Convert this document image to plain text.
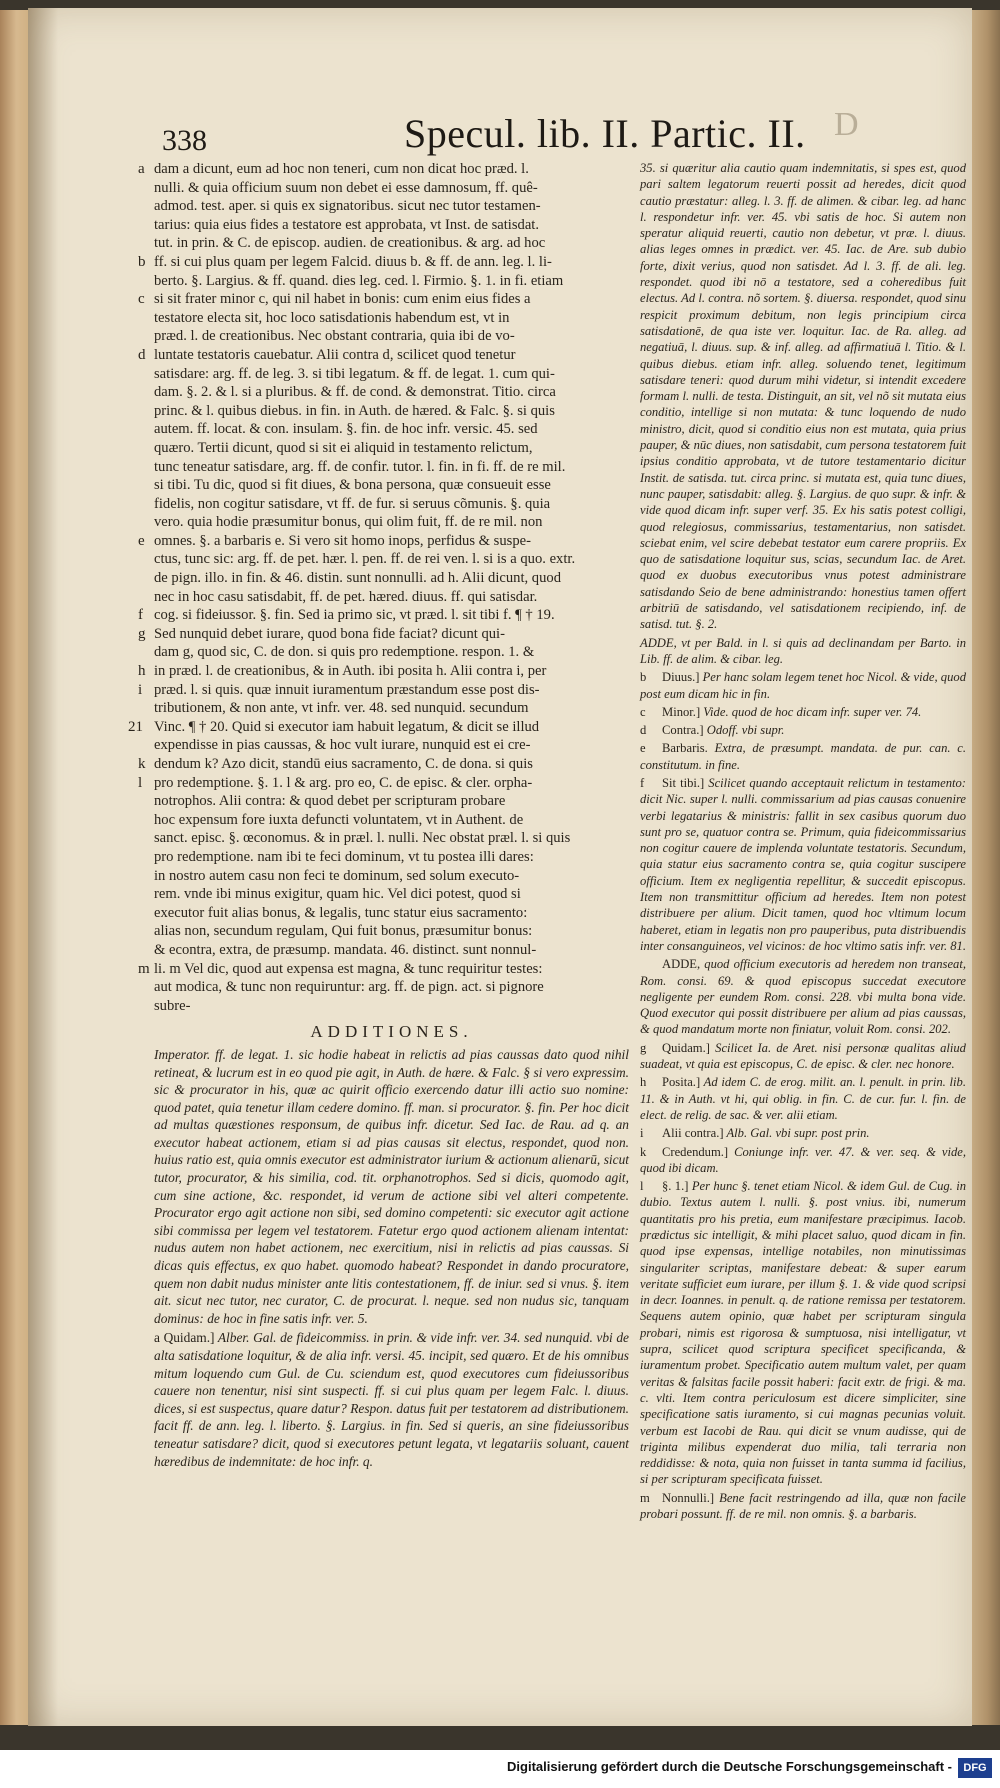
338	Specul. lib. II. Partic. II. D
dam a dicunt, eum ad hoc non teneri, cum non dicat hoc præd. l.
nulli. & quia officium suum non debet ei esse damnosum, ff. quê-
admod. test. aper. si quis ex signatoribus. sicut nec tutor testamen-
tarius: quia eius fides a testatore est approbata, vt Inst. de satisdat.
tut. in prin. & C. de episcop. audien. de creationibus. & arg. ad hoc
ff. si cui plus quam per legem Falcid. diuus b. & ff. de ann. leg. l. li-
berto. §. Largius. & ff. quand. dies leg. ced. l. Firmio. §. 1. in fi. etiam
si sit frater minor c, qui nil habet in bonis: cum enim eius fides a
testatore electa sit, hoc loco satisdationis habendum est, vt in
præd. l. de creationibus. Nec obstant contraria, quia ibi de vo-
luntate testatoris cauebatur. Alii contra d, scilicet quod tenetur
satisdare: arg. ff. de leg. 3. si tibi legatum. & ff. de legat. 1. cum qui-
dam. §. 2. & l. si a pluribus. & ff. de cond. & demonstrat. Titio. circa
princ. & l. quibus diebus. in fin. in Auth. de hæred. & Falc. §. si quis
autem. ff. locat. & con. insulam. §. fin. de hoc infr. versic. 45. sed
quæro. Tertii dicunt, quod si sit ei aliquid in testamento relictum,
tunc teneatur satisdare, arg. ff. de confir. tutor. l. fin. in fi. ff. de re mil.
si tibi. Tu dic, quod si fit diues, & bona persona, quæ consueuit esse
fidelis, non cogitur satisdare, vt ff. de fur. si seruus cõmunis. §. quia
vero. quia hodie præsumitur bonus, qui olim fuit, ff. de re mil. non
omnes. §. a barbaris e. Si vero sit homo inops, perfidus & suspe-
ctus, tunc sic: arg. ff. de pet. hær. l. pen. ff. de rei ven. l. si is a quo. extr.
de pign. illo. in fin. & 46. distin. sunt nonnulli. ad h. Alii dicunt, quod
nec in hoc casu satisdabit, ff. de pet. hæred. diuus. ff. qui satisdar.
cog. si fideiussor. §. fin. Sed ia primo sic, vt præd. l. sit tibi f. ¶ † 19.
Sed nunquid debet iurare, quod bona fide faciat? dicunt qui-
dam g, quod sic, C. de don. si quis pro redemptione. respon. 1. &
in præd. l. de creationibus, & in Auth. ibi posita h. Alii contra i, per
præd. l. si quis. quæ innuit iuramentum præstandum esse post dis-
tributionem, & non ante, vt infr. ver. 48. sed nunquid. secundum
Vinc. ¶ † 20. Quid si executor iam habuit legatum, & dicit se illud
expendisse in pias caussas, & hoc vult iurare, nunquid est ei cre-
dendum k? Azo dicit, standū eius sacramento, C. de dona. si quis
pro redemptione. §. 1. l & arg. pro eo, C. de episc. & cler. orpha-
notrophos. Alii contra: & quod debet per scripturam probare
hoc expensum fore iuxta defuncti voluntatem, vt in Authent. de
sanct. episc. §. œconomus. & in præl. l. nulli. Nec obstat præl. l. si quis
pro redemptione. nam ibi te feci dominum, vt tu postea illi dares:
in nostro autem casu non feci te dominum, sed solum executo-
rem. vnde ibi minus exigitur, quam hic. Vel dici potest, quod si
executor fuit alias bonus, & legalis, tunc statur eius sacramento:
alias non, secundum regulam, Qui fuit bonus, præsumitur bonus:
& econtra, extra, de præsump. mandata. 46. distinct. sunt nonnul-
li. m Vel dic, quod aut expensa est magna, & tunc requiritur testes:
aut modica, & tunc non requiruntur: arg. ff. de pign. act. si pignore
subre-
ADDITIONES.
Imperator. ff. de legat. 1. sic hodie habeat in relictis ad pias caussas dato quod nihil retineat, & lucrum est in eo quod pie agit, in Auth. de hære. & Falc. § si vero expressim. sic & procurator in his, quæ ac quirit officio exercendo datur illi actio suo nomine: quod patet, quia tenetur illam cedere domino. ff. man. si procurator. §. fin. Per hoc dicit ad multas quæstiones responsum, de quibus infr. dicetur. Sed Iac. de Rau. ad q. an executor habeat actionem, etiam si ad pias causas sit electus, respondet, quod non. huius ratio est, quia omnis executor est administrator iurium & actionum alienarū, sicut tutor, procurator, & his similia, cod. tit. orphanotrophos. Sed si dicis, quomodo agit, cum sine actione, &c. respondet, id verum de actione sibi vel alteri competente. Procurator ergo agit actione non sibi, sed domino competenti: sic executor agit actione sibi commissa per legem vel testatorem. Fatetur ergo quod actionem alienam intentat: nudus autem non habet actionem, nec exercitium, nisi in relictis ad pias caussas. Si dicas quis effectus, ex quo habet. quomodo habeat? Respondet in dando procuratore, quem non dabit nudus minister ante litis contestationem, ff. de iniur. sed si vnus. §. item ait. sicut nec tutor, nec curator, C. de procurat. l. neque. sed non nudus sic, tanquam dominus: de hoc in fine satis infr. ver. 5.
a Quidam.] Alber. Gal. de fideicommiss. in prin. & vide infr. ver. 34. sed nunquid. vbi de alta satisdatione loquitur, & de alia infr. versi. 45. incipit, sed quæro. Et de his omnibus mitum loquendo cum Gul. de Cu. sciendum est, quod executores cum fideiussoribus cauere non tenentur, nisi sint suspecti. ff. si cui plus quam per legem Falc. l. diuus. dices, si est suspectus, quare datur? Respon. datus fuit per testatorem ad distributionem. facit ff. de ann. leg. l. liberto. §. Largius. in fin. Sed si queris, an sine fideiussoribus teneatur satisdare? dicit, quod si executores petunt legata, vt legatariis soluant, cauent hæredibus de indemnitate: de hoc infr. q.
a
b
c
d
e
f
g
h
i
21
k
l
m
35. si quæritur alia cautio quam indemnitatis, si spes est, quod pari saltem legatorum reuerti possit ad heredes, dicit quod cautio præstatur: alleg. l. 3. ff. de alimen. & cibar. leg. ad hanc l. respondetur infr. ver. 45. vbi satis de hoc. Si autem non speratur aliquid reuerti, cautio non debetur, vt præ. l. diuus. alias leges omnes in prædict. ver. 45. Iac. de Are. sub dubio forte, dixit verius, quod non satisdet. Ad l. 3. ff. de ali. leg. respondet. quod ibi nō a testatore, sed a coheredibus fuit electus. Ad l. contra. nõ sortem. §. diuersa. respondet, quod sinu respicit proximum debitum, non legis principium circa satisdationē, de qua iste ver. loquitur. Iac. de Ra. alleg. ad negatiuā, l. diuus. sup. & inf. alleg. ad affirmatiuā l. Titio. & l. quibus diebus. etiam infr. alleg. soluendo tenet, legitimum satisdare teneri: quod durum mihi videtur, si intendit excedere formam l. nulli. de testa. Distinguit, an sit, vel nõ sit mutata eius conditio, intellige si non mutata: & tunc loquendo de nudo ministro, dicit, quod si conditio eius non est mutata, quia prius pauper, & nūc diues, non satisdabit, cum persona testatorem fuit ipsius conditio approbata, vt de tutore testamentario dicitur Instit. de satisda. tut. circa princ. si mutata est, quia tunc diues, nunc pauper, satisdabit: alleg. §. Largius. de quo supr. & infr. & vide quod dicam infr. super verf. 35. Ex his satis potest colligi, quod relegiosus, commissarius, testamentarius, non satisdet. sciebat enim, vel scire debebat testator eum carere propriis. Ex quo de satisdatione loquitur sus, scias, secundum Iac. de Aret. quod ex duobus executoribus vnus potest administrare satisdando Seio de bene administrando: honestius tamen offert arbitriū de satisdando, vel satisdationem recipiendo, inf. de satisd. tut. §. 2.
ADDE, vt per Bald. in l. si quis ad declinandam per Barto. in Lib. ff. de alim. & cibar. leg.
b Diuus.] Per hanc solam legem tenet hoc Nicol. & vide, quod post eum dicam hic in fin.
c Minor.] Vide. quod de hoc dicam infr. super ver. 74.
d Contra.] Odoff. vbi supr.
e Barbaris. Extra, de præsumpt. mandata. de pur. can. c. constitutum. in fine.
f Sit tibi.] Scilicet quando acceptauit relictum in testamento: dicit Nic. super l. nulli. commissarium ad pias causas conuenire verbi legatarius & ministris: fallit in sex casibus quorum duo sunt pro se, quatuor contra se. Primum, quia fideicommissarius non cogitur cauere de implenda voluntate testatoris. Secundum, quia statur eius sacramento contra se, quia cogitur suscipere officium. Item ex negligentia repellitur, & succedit episcopus. Item non transmittitur officium ad heredes. Item non potest distribuere per alium. Dicit tamen, quod hoc vltimum locum haberet, etiam in legatis non pro pauperibus, puta distribuendis inter consanguineos, vel vicinos: de hoc vltimo satis infr. ver. 81.
ADDE, quod officium executoris ad heredem non transeat, Rom. consi. 69. & quod episcopus succedat executore negligente per eundem Rom. consi. 228. vbi multa bona vide. Quod executor qui possit distribuere per alium ad pias caussas, & quod mandatum morte non finiatur, voluit Rom. consi. 202.
g Quidam.] Scilicet Ia. de Aret. nisi personæ qualitas aliud suadeat, vt quia est episcopus, C. de episc. & cler. nec honore.
h Posita.] Ad idem C. de erog. milit. an. l. penult. in prin. lib. 11. & in Auth. vt hi, qui oblig. in fin. C. de cur. fur. l. fin. de elect. de relig. de sac. & ver. alii etiam.
i Alii contra.] Alb. Gal. vbi supr. post prin.
k Credendum.] Coniunge infr. ver. 47. & ver. seq. & vide, quod ibi dicam.
l §. 1.] Per hunc §. tenet etiam Nicol. & idem Gul. de Cug. in dubio. Textus autem l. nulli. §. post vnius. ibi, numerum quantitatis pro his pretia, eum manifestare præcipimus. Iacob. prædictus sic intelligit, & mihi placet saluo, quod dicam in fin. quod ipse expensas, intellige notabiles, non minutissimas singulariter scriptas, manifestare debeat: & super earum veritate sufficiet eum iurare, per illum §. 1. & vide quod scripsi in decr. Ioannes. in penult. q. de ratione remissa per testatorem. Sequens autem opinio, quæ habet per scripturam singula probari, nimis est rigorosa & sumptuosa, nisi intelligatur, vt supra, scilicet quod scriptura specificet specificanda, & iuramentum probet. Specificatio autem multum valet, per quam veritas & falsitas facile possit haberi: facit extr. de frigi. & ma. c. vlti. Item contra periculosum est dicere simpliciter, sine specificatione satis iuramento, si cui magnas pecunias voluit. verbum est Iacobi de Rau. qui dicit se vnum audisse, qui de triginta milibus expenderat duo milia, tali terraria non reddidisse: & nota, quia non fuisset in tanta summa id facilius, si per scripturam specificata fuisset.
m Nonnulli.] Bene facit restringendo ad illa, quæ non facile probari possunt. ff. de re mil. non omnis. §. a barbaris.
Digitalisierung gefördert durch die Deutsche Forschungsgemeinschaft -	DFG
